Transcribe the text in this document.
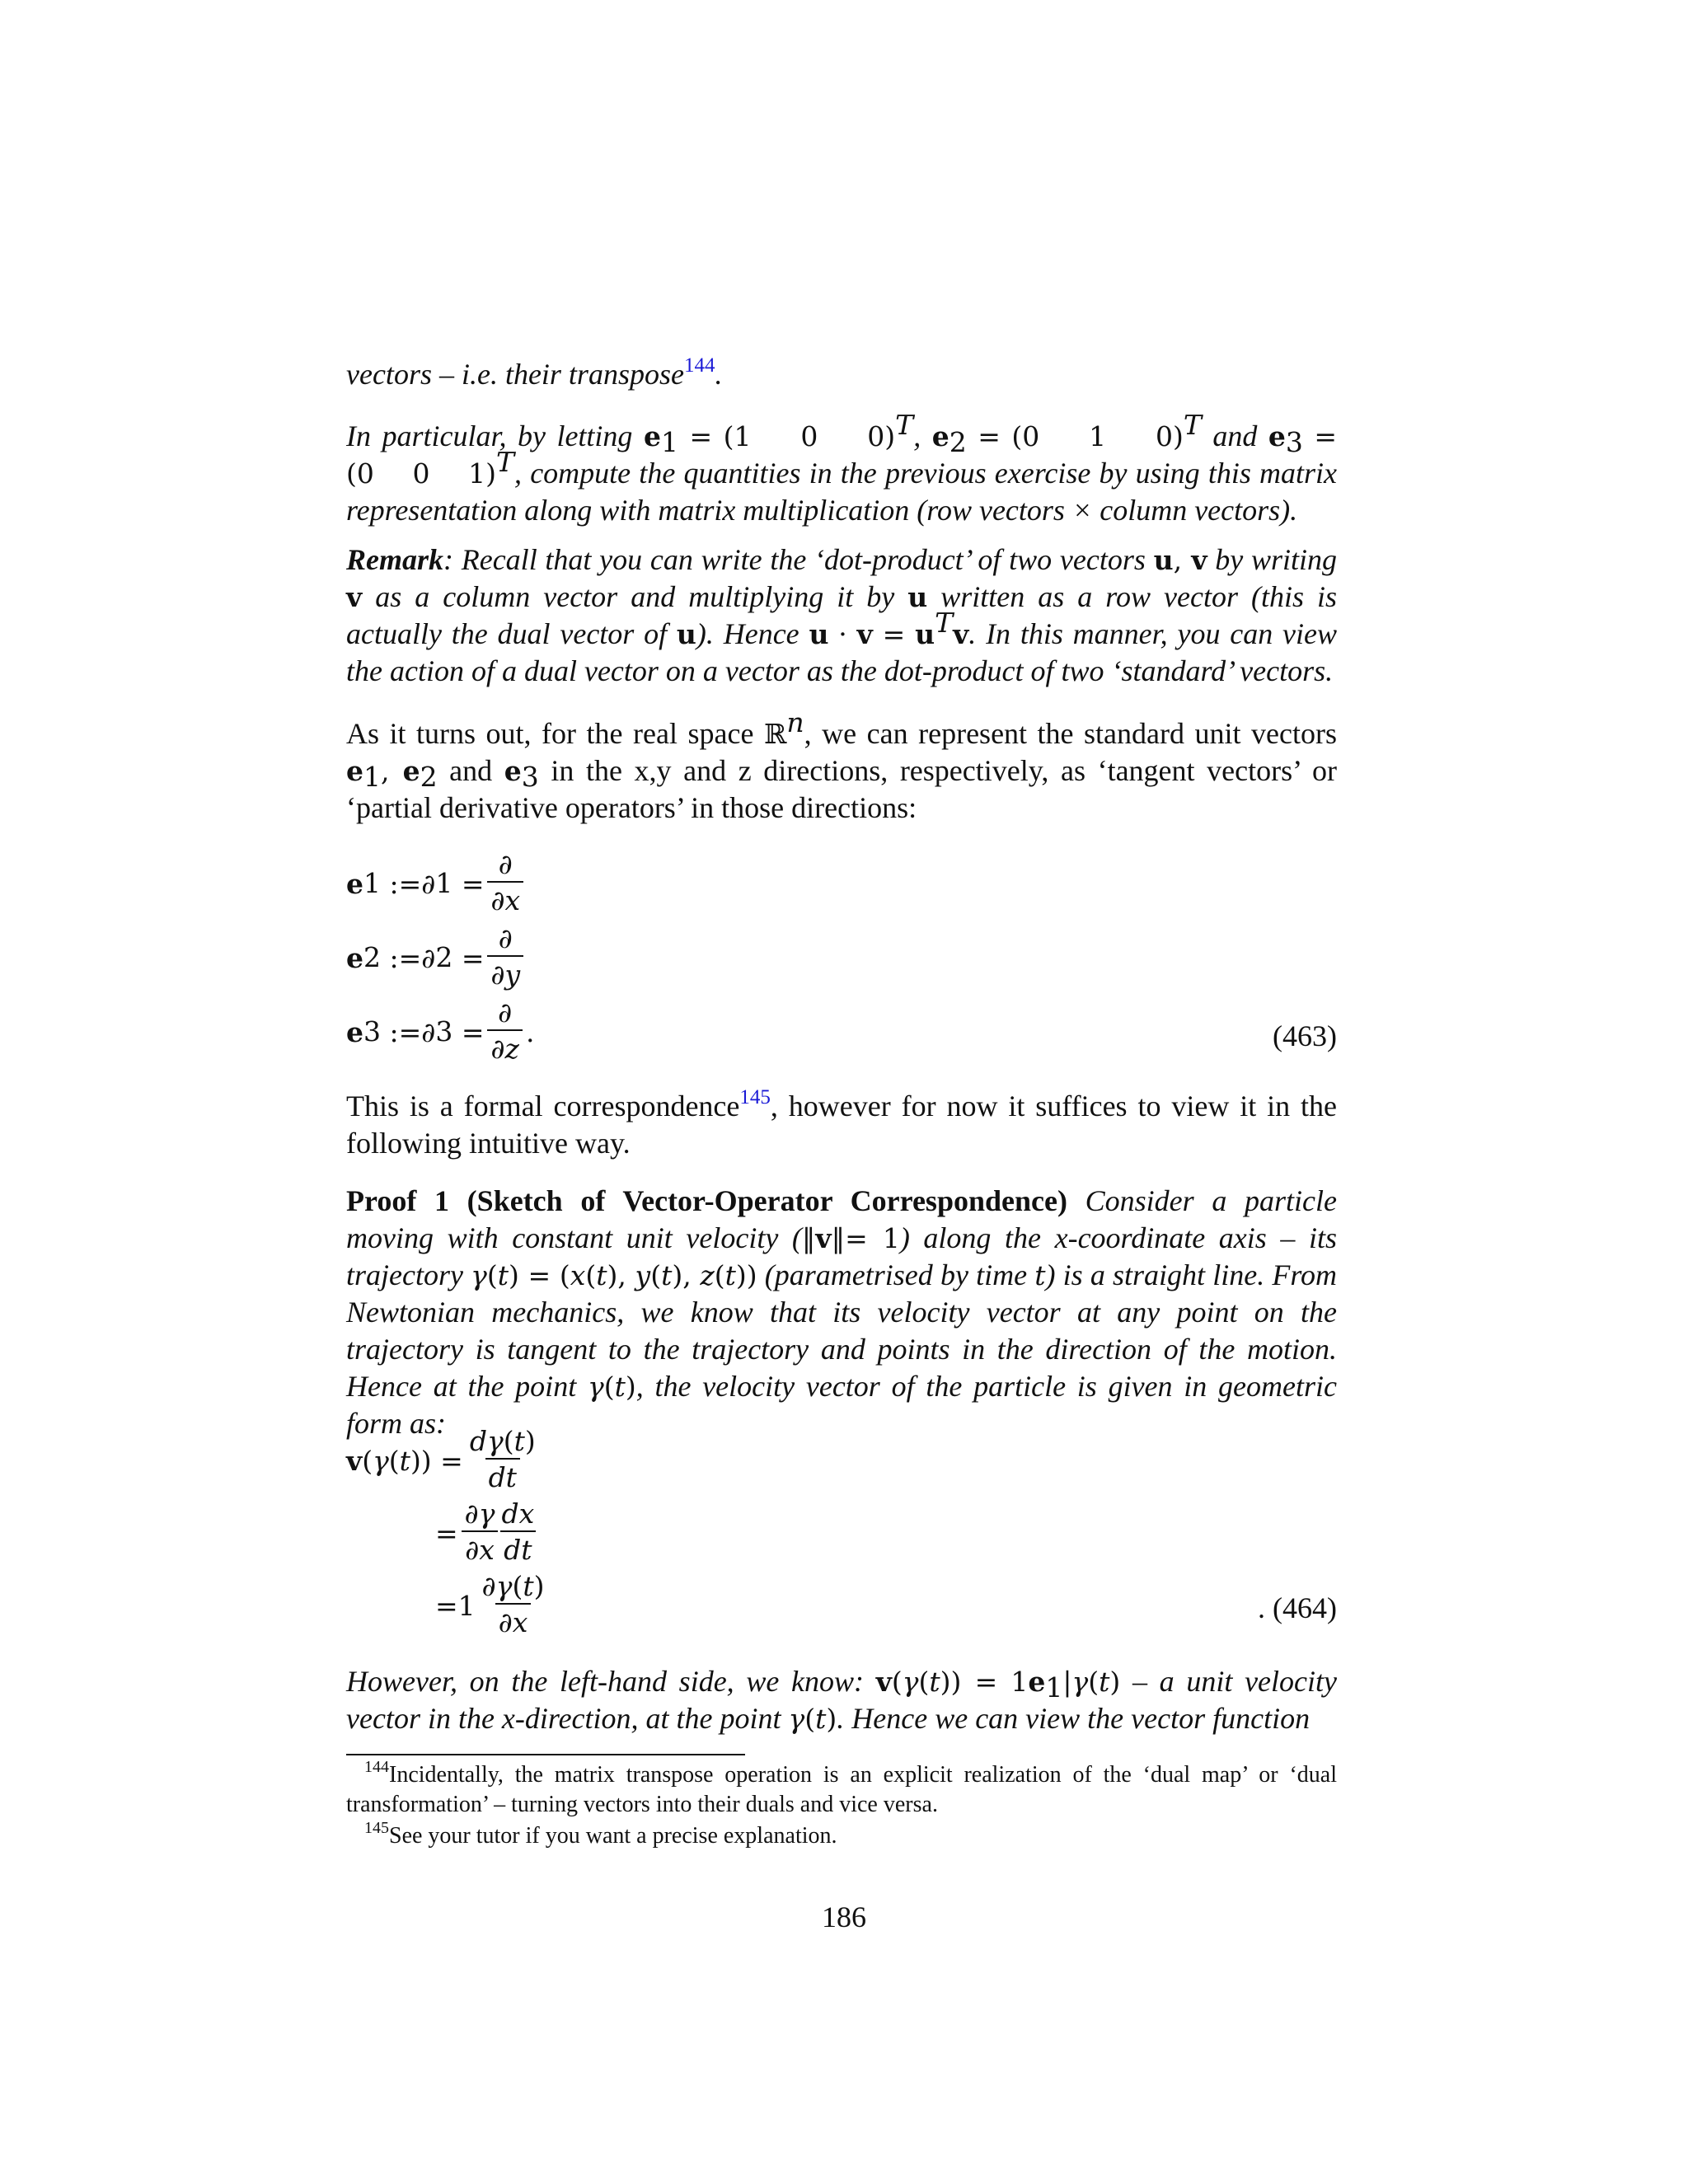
vectors – i.e. their transpose$^{144}$.

In particular, by letting $e_1 = (1$    0    0)$^T$, $e_2 = (0$    1    0)$^T$ and $e_3 = (0$    0    1)$^T$, compute the quantities in the previous exercise by using this matrix representation along with matrix multiplication (row vectors × column vectors).

Remark: Recall that you can write the ‘dot-product’ of two vectors u, v by writing v as a column vector and multiplying it by u written as a row vector (this is actually the dual vector of u). Hence $u \cdot v = u^Tv$. In this manner, you can view the action of a dual vector on a vector as the dot-product of two ‘standard’ vectors.

As it turns out, for the real space ℝ$^n$, we can represent the standard unit vectors $e_1$, $e_2$ and $e_3$ in the x,y and z directions, respectively, as ‘tangent vectors’ or ‘partial derivative operators’ in those directions:

e 1 :=∂ $1 = \frac{\partial}{\partial x}$
e 2 :=∂ $2 = \frac{\partial}{\partial y}$
e 3 :=∂ $3 = \frac{\partial}{\partial z}$ .	(463)

This is a formal correspondence$^{145}$, however for now it suffices to view it in the following intuitive way.

Proof 1 (Sketch of Vector-Operator Correspondence) Consider a particle moving with constant unit velocity (‖v‖= 1) along the x-coordinate axis – its trajectory γ(t) = (x(t), y(t), z(t)) (parametrised by time t) is a straight line. From Newtonian mechanics, we know that its velocity vector at any point on the trajectory is tangent to the trajectory and points in the direction of the motion. Hence at the point γ(t), the velocity vector of the particle is given in geometric form as:

v ( γ ( t )) = $\frac{d\gamma(t)}{dt}$
= $\frac{\partial\gamma}{\partial x} \frac{dx}{dt}$
$=1 \frac{\partial\gamma(t)}{\partial x}$	. (464)

However, on the left-hand side, we know: $v(\gamma(t)) = 1e_1|\gamma(t) - a$ unit velocity vector in the x-direction, at the point γ(t). Hence we can view the vector function

$^{144}$Incidentally, the matrix transpose operation is an explicit realization of the ‘dual map’ or ‘dual transformation’ – turning vectors into their duals and vice versa.
$^{145}$See your tutor if you want a precise explanation.
186
